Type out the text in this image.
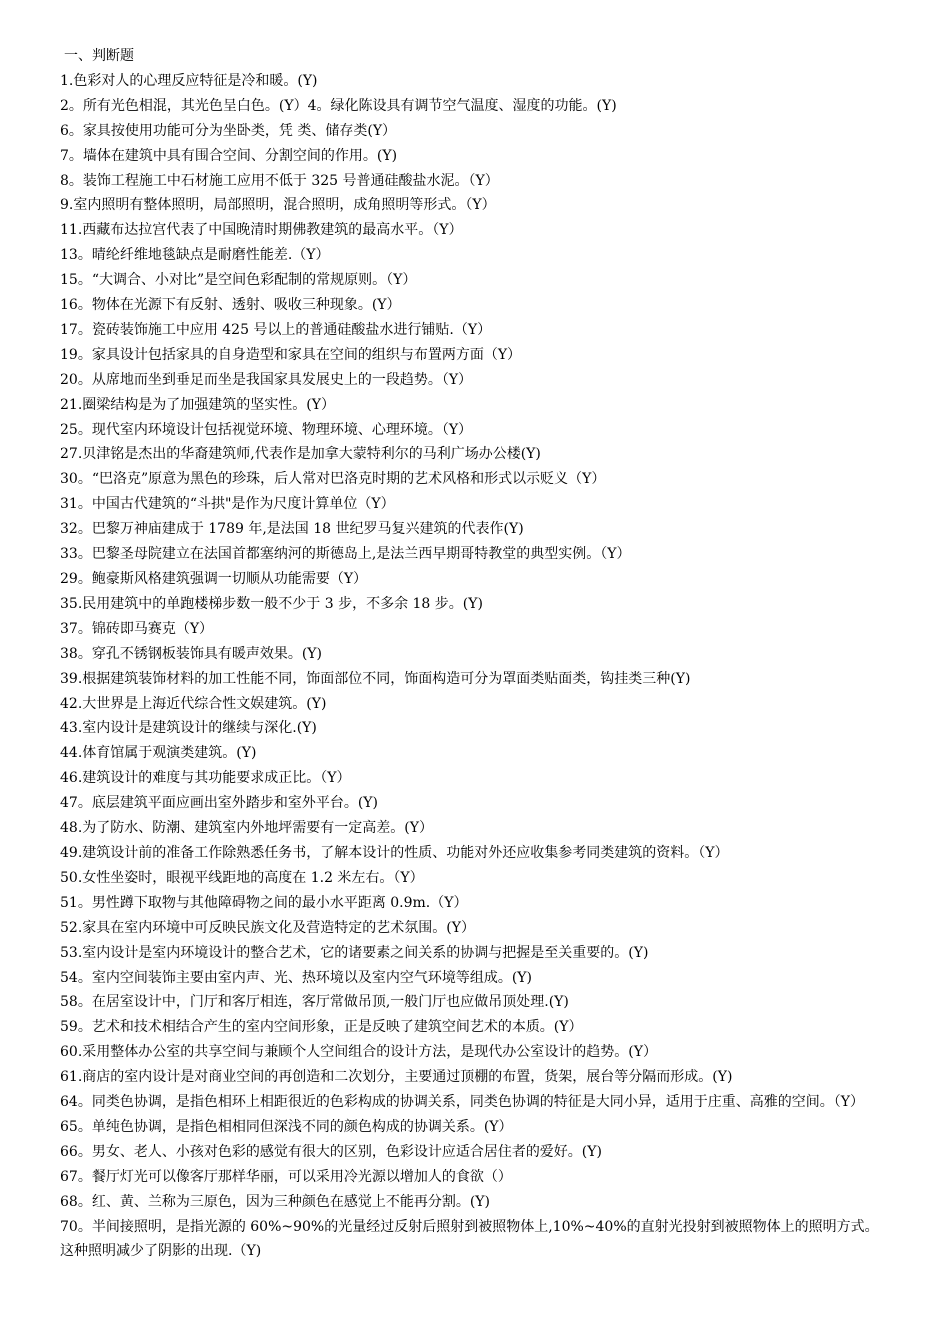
一、判断题
1.色彩对人的心理反应特征是冷和暖。(Y)
2。所有光色相混，其光色呈白色。(Y）4。绿化陈设具有调节空气温度、湿度的功能。(Y)
6。家具按使用功能可分为坐卧类，凭 类、储存类(Y）
7。墙体在建筑中具有围合空间、分割空间的作用。(Y)
8。装饰工程施工中石材施工应用不低于 325 号普通硅酸盐水泥。（Y）
9.室内照明有整体照明，局部照明，混合照明，成角照明等形式。（Y）
11.西藏布达拉宫代表了中国晚清时期佛教建筑的最高水平。（Y）
13。晴纶纤维地毯缺点是耐磨性能差.（Y）
15。“大调合、小对比”是空间色彩配制的常规原则。（Y）
16。物体在光源下有反射、透射、吸收三种现象。(Y）
17。瓷砖装饰施工中应用 425 号以上的普通硅酸盐水进行铺贴.（Y）
19。家具设计包括家具的自身造型和家具在空间的组织与布置两方面（Y）
20。从席地而坐到垂足而坐是我国家具发展史上的一段趋势。（Y）
21.圈梁结构是为了加强建筑的坚实性。(Y）
25。现代室内环境设计包括视觉环境、物理环境、心理环境。（Y）
27.贝津铭是杰出的华裔建筑师,代表作是加拿大蒙特利尔的马利广场办公楼(Y)
30。“巴洛克”原意为黑色的珍珠，后人常对巴洛克时期的艺术风格和形式以示贬义（Y）
31。中国古代建筑的“斗拱"是作为尺度计算单位（Y）
32。巴黎万神庙建成于 1789 年,是法国 18 世纪罗马复兴建筑的代表作(Y)
33。巴黎圣母院建立在法国首都塞纳河的斯德岛上,是法兰西早期哥特教堂的典型实例。（Y）
29。鲍豪斯风格建筑强调一切顺从功能需要（Y）
35.民用建筑中的单跑楼梯步数一般不少于 3 步，不多余 18 步。(Y)
37。锦砖即马赛克（Y）
38。穿孔不锈钢板装饰具有暖声效果。(Y)
39.根据建筑装饰材料的加工性能不同，饰面部位不同，饰面构造可分为罩面类贴面类，钩挂类三种(Y)
42.大世界是上海近代综合性文娱建筑。(Y)
43.室内设计是建筑设计的继续与深化.(Y)
44.体育馆属于观演类建筑。(Y)
46.建筑设计的难度与其功能要求成正比。（Y）
47。底层建筑平面应画出室外踏步和室外平台。(Y)
48.为了防水、防潮、建筑室内外地坪需要有一定高差。(Y）
49.建筑设计前的准备工作除熟悉任务书，了解本设计的性质、功能对外还应收集参考同类建筑的资料。（Y）
50.女性坐姿时，眼视平线距地的高度在 1.2 米左右。（Y）
51。男性蹲下取物与其他障碍物之间的最小水平距离 0.9m.（Y）
52.家具在室内环境中可反映民族文化及营造特定的艺术氛围。(Y）
53.室内设计是室内环境设计的整合艺术，它的诸要素之间关系的协调与把握是至关重要的。(Y)
54。室内空间装饰主要由室内声、光、热环境以及室内空气环境等组成。(Y)
58。在居室设计中，门厅和客厅相连，客厅常做吊顶,一般门厅也应做吊顶处理.(Y)
59。艺术和技术相结合产生的室内空间形象，正是反映了建筑空间艺术的本质。(Y）
60.采用整体办公室的共享空间与兼顾个人空间组合的设计方法，是现代办公室设计的趋势。(Y）
61.商店的室内设计是对商业空间的再创造和二次划分，主要通过顶棚的布置，货架，展台等分隔而形成。(Y)
64。同类色协调，是指色相环上相距很近的色彩构成的协调关系，同类色协调的特征是大同小异，适用于庄重、高雅的空间。（Y）
65。单纯色协调，是指色相相同但深浅不同的颜色构成的协调关系。(Y）
66。男女、老人、小孩对色彩的感觉有很大的区别，色彩设计应适合居住者的爱好。(Y)
67。餐厅灯光可以像客厅那样华丽，可以采用冷光源以增加人的食欲（）
68。红、黄、兰称为三原色，因为三种颜色在感觉上不能再分割。(Y)
70。半间接照明，是指光源的 60%~90%的光量经过反射后照射到被照物体上,10%~40%的直射光投射到被照物体上的照明方式。这种照明减少了阴影的出现.（Y)
